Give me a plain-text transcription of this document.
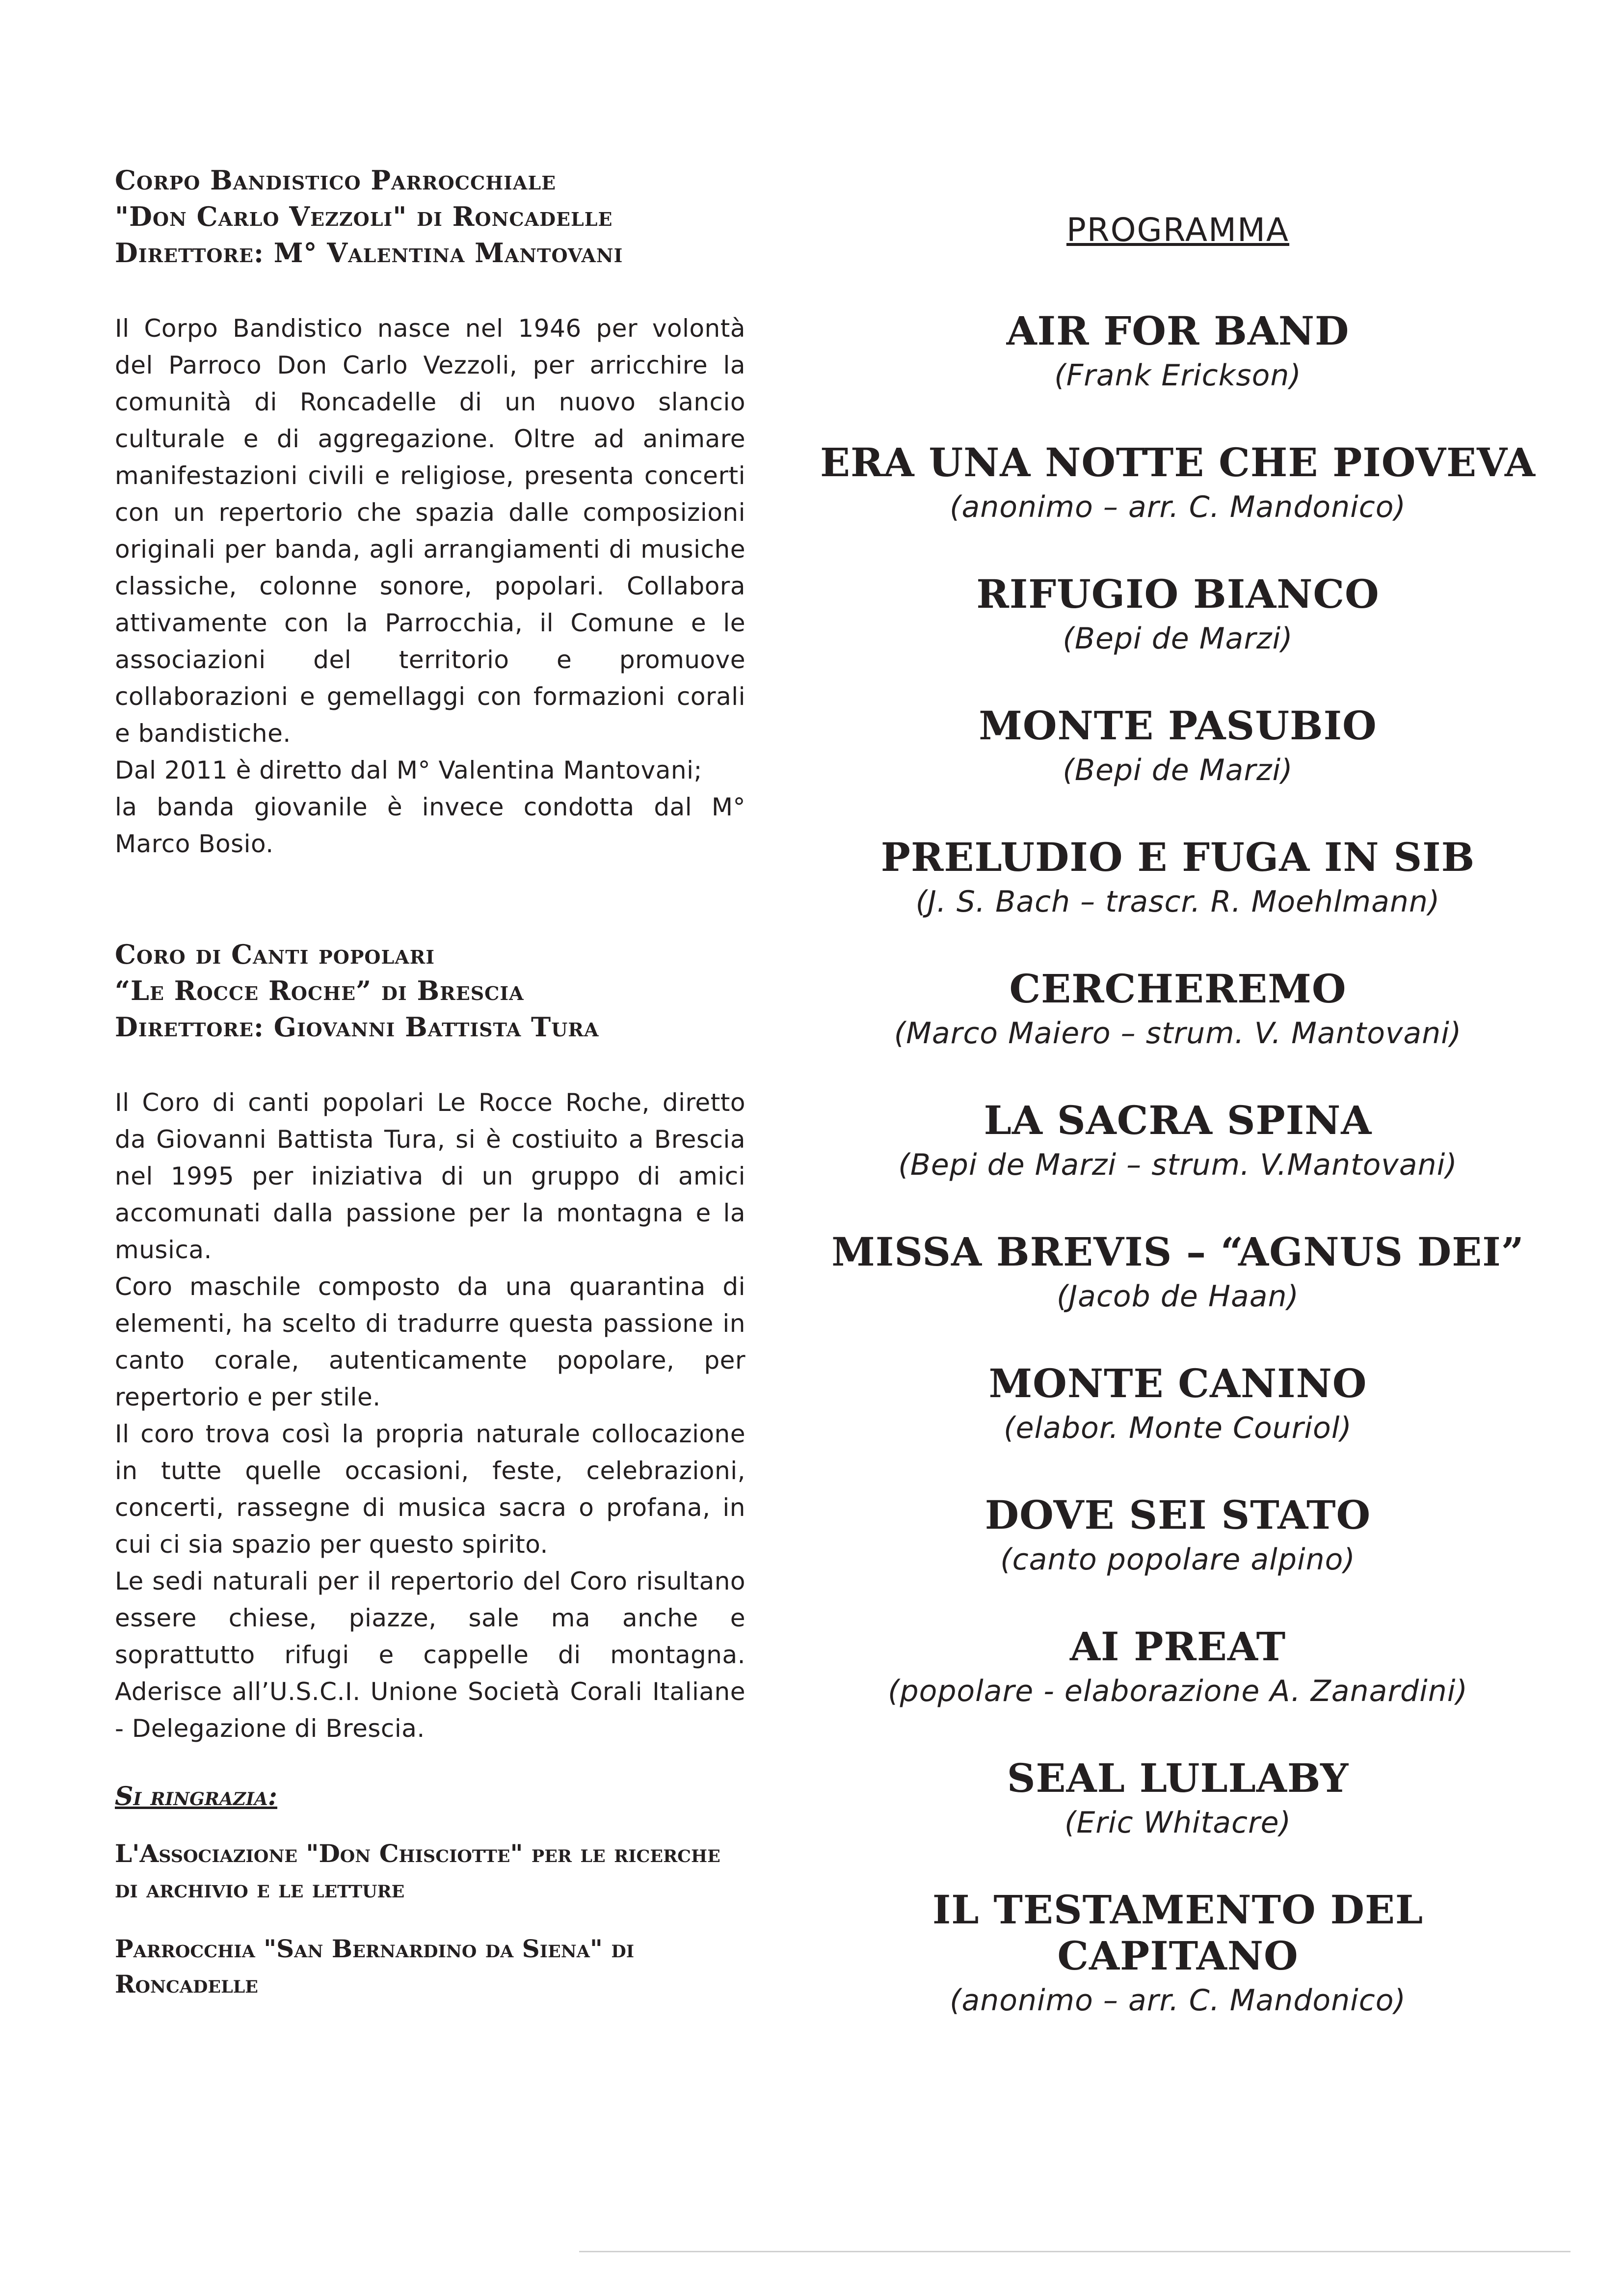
Corpo Bandistico Parrocchiale

"Don Carlo Vezzoli" di Roncadelle

Direttore: M° Valentina Mantovani

Il Corpo Bandistico nasce nel 1946 per volontà del Parroco Don Carlo Vezzoli, per arricchire la comunità di Roncadelle di un nuovo slancio culturale e di aggregazione. Oltre ad animare manifestazioni civili e religiose, presenta concerti con un repertorio che spazia dalle composizioni originali per banda, agli arrangiamenti di musiche classiche, colonne sonore, popolari. Collabora attivamente con la Parrocchia, il Comune e le associazioni del territorio e promuove collaborazioni e gemellaggi con formazioni corali e bandistiche.

Dal 2011 è diretto dal M° Valentina Mantovani;

la banda giovanile è invece condotta dal M° Marco Bosio.

Coro di Canti popolari

“Le Rocce Roche” di Brescia

Direttore: Giovanni Battista Tura

Il Coro di canti popolari Le Rocce Roche, diretto da Giovanni Battista Tura, si è costiuito a Brescia nel 1995 per iniziativa di un gruppo di amici accomunati dalla passione per la montagna e la musica.

Coro maschile composto da una quarantina di elementi, ha scelto di tradurre questa passione in canto corale, autenticamente popolare, per repertorio e per stile.

Il coro trova così la propria naturale collocazione in tutte quelle occasioni, feste, celebrazioni, concerti, rassegne di musica sacra o profana, in cui ci sia spazio per questo spirito.

Le sedi naturali per il repertorio del Coro risultano essere chiese, piazze, sale ma anche e soprattutto rifugi e cappelle di montagna. Aderisce all’U.S.C.I. Unione Società Corali Italiane - Delegazione di Brescia.

Si ringrazia:

L'Associazione "Don Chisciotte" per le ricerche di archivio e le letture

Parrocchia "San Bernardino da Siena" di Roncadelle

PROGRAMMA
AIR FOR BAND
(Frank Erickson)
ERA UNA NOTTE CHE PIOVEVA
(anonimo – arr. C. Mandonico)
RIFUGIO BIANCO
(Bepi de Marzi)
MONTE PASUBIO
(Bepi de Marzi)
PRELUDIO E FUGA IN SIB
(J. S. Bach – trascr. R. Moehlmann)
CERCHEREMO
(Marco Maiero – strum. V. Mantovani)
LA SACRA SPINA
(Bepi de Marzi – strum. V.Mantovani)
MISSA BREVIS – “AGNUS DEI”
(Jacob de Haan)
MONTE CANINO
(elabor. Monte Couriol)
DOVE SEI STATO
(canto popolare alpino)
AI PREAT
(popolare - elaborazione A. Zanardini)
SEAL LULLABY
(Eric Whitacre)
IL TESTAMENTO DEL CAPITANO
(anonimo – arr. C. Mandonico)
